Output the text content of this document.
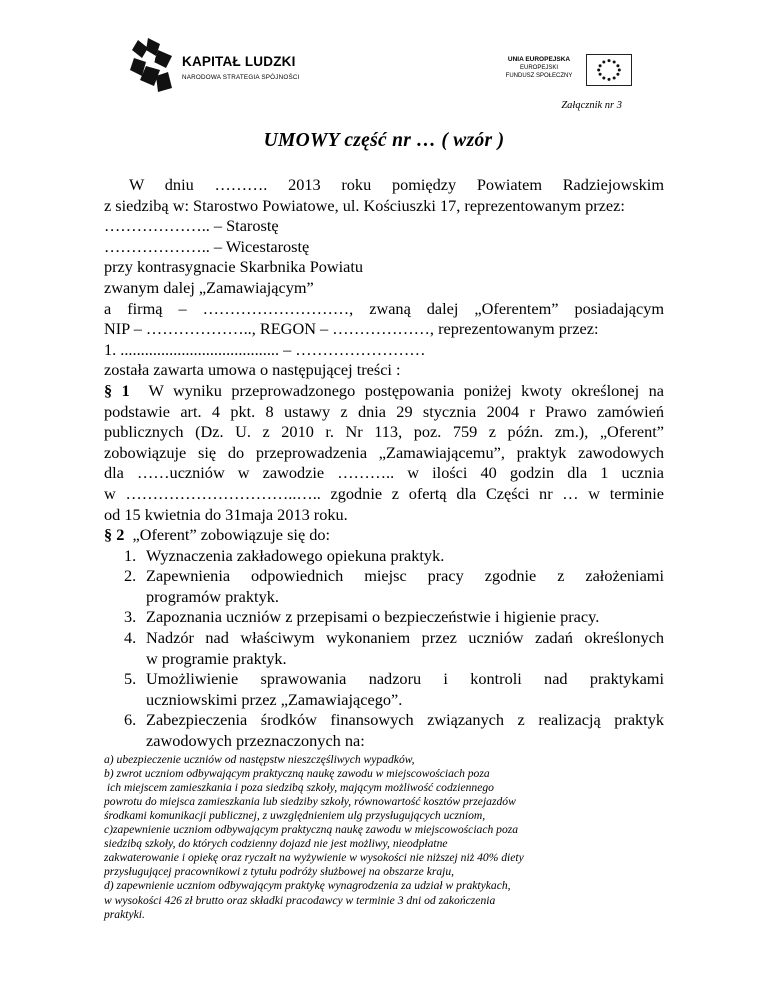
KAPITAŁ LUDZKI
NARODOWA STRATEGIA SPÓJNOŚCI
UNIA EUROPEJSKA
EUROPEJSKI
FUNDUSZ SPOŁECZNY
Załącznik nr 3
UMOWY część nr … ( wzór )

W dniu ………. 2013 roku pomiędzy Powiatem Radziejowskim

z siedzibą w: Starostwo Powiatowe, ul. Kościuszki 17, reprezentowanym przez:

……………….. – Starostę

……………….. – Wicestarostę

przy kontrasygnacie Skarbnika Powiatu

zwanym dalej „Zamawiającym”

a firmą – ………………………, zwaną dalej „Oferentem” posiadającym

NIP – ……………….., REGON – ………………, reprezentowanym przez:

1. ....................................... – ……………………

została zawarta umowa o następującej treści :

§ 1 W wyniku przeprowadzonego postępowania poniżej kwoty określonej na

podstawie art. 4 pkt. 8 ustawy z dnia 29 stycznia 2004 r Prawo zamówień

publicznych (Dz. U. z 2010 r. Nr 113, poz. 759 z późn. zm.), „Oferent”

zobowiązuje się do przeprowadzenia „Zamawiającemu”, praktyk zawodowych

dla ……uczniów w zawodzie ……….. w ilości 40 godzin dla 1 ucznia

w …………………………..….. zgodnie z ofertą dla Części nr … w terminie

od 15 kwietnia do 31maja 2013 roku.

§ 2 „Oferent” zobowiązuje się do:

1. Wyznaczenia zakładowego opiekuna praktyk.
2. Zapewnienia odpowiednich miejsc pracy zgodnie z założeniami
programów praktyk.
3. Zapoznania uczniów z przepisami o bezpieczeństwie i higienie pracy.
4. Nadzór nad właściwym wykonaniem przez uczniów zadań określonych
w programie praktyk.
5. Umożliwienie sprawowania nadzoru i kontroli nad praktykami
uczniowskimi przez „Zamawiającego”.
6. Zabezpieczenia środków finansowych związanych z realizacją praktyk
zawodowych przeznaczonych na:
a) ubezpieczenie uczniów od następstw nieszczęśliwych wypadków,
b) zwrot uczniom odbywającym praktyczną naukę zawodu w miejscowościach poza
ich miejscem zamieszkania i poza siedzibą szkoły, mającym możliwość codziennego
powrotu do miejsca zamieszkania lub siedziby szkoły, równowartość kosztów przejazdów
środkami komunikacji publicznej, z uwzględnieniem ulg przysługujących uczniom,
c)zapewnienie uczniom odbywającym praktyczną naukę zawodu w miejscowościach poza
siedzibą szkoły, do których codzienny dojazd nie jest możliwy, nieodpłatne
zakwaterowanie i opiekę oraz ryczałt na wyżywienie w wysokości nie niższej niż 40% diety
przysługującej pracownikowi z tytułu podróży służbowej na obszarze kraju,
d) zapewnienie uczniom odbywającym praktykę wynagrodzenia za udział w praktykach,
w wysokości 426 zł brutto oraz składki pracodawcy w terminie 3 dni od zakończenia
praktyki.
